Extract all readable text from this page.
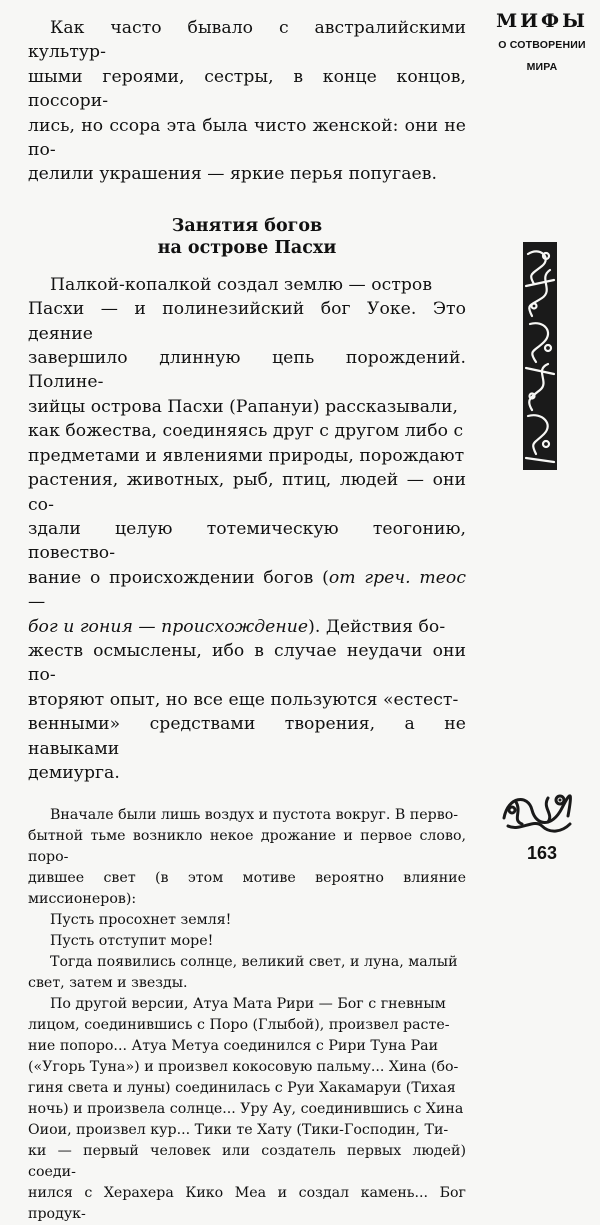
Как часто бывало с австралийскими культур-
шыми героями, сестры, в конце концов, поссори-
лись, но ссора эта была чисто женской: они не по-
делили украшения — яркие перья попугаев.

Занятия богов
на острове Пасхи

Палкой-копалкой создал землю — остров
Пасхи — и полинезийский бог Уоке. Это деяние
завершило длинную цепь порождений. Полине-
зийцы острова Пасхи (Рапануи) рассказывали,
как божества, соединяясь друг с другом либо с
предметами и явлениями природы, порождают
растения, животных, рыб, птиц, людей — они со-
здали целую тотемическую теогонию, повество-
вание о происхождении богов (от греч. теос —
бог и гония — происхождение). Действия бо-
жеств осмыслены, ибо в случае неудачи они по-
вторяют опыт, но все еще пользуются «естест-
венными» средствами творения, а не навыками
демиурга.

Вначале были лишь воздух и пустота вокруг. В перво-
бытной тьме возникло некое дрожание и первое слово, поро-
дившее свет (в этом мотиве вероятно влияние миссионеров):
Пусть просохнет земля!
Пусть отступит море!
Тогда появились солнце, великий свет, и луна, малый
свет, затем и звезды.
По другой версии, Атуа Мата Рири — Бог с гневным
лицом, соединившись с Поро (Глыбой), произвел расте-
ние попоро... Атуа Метуа соединился с Рири Туна Раи
(«Угорь Туна») и произвел кокосовую пальму... Хина (бо-
гиня света и луны) соединилась с Руи Хакамаруи (Тихая
ночь) и произвела солнце... Уру Ау, соединившись с Хина
Оиои, произвел кур... Тики те Хату (Тики-Господин, Ти-
ки — первый человек или создатель первых людей) соеди-
нился с Херахера Кико Меа и создал камень... Бог продук-

МИФЫ
О СОТВОРЕНИИ
МИРА
163
